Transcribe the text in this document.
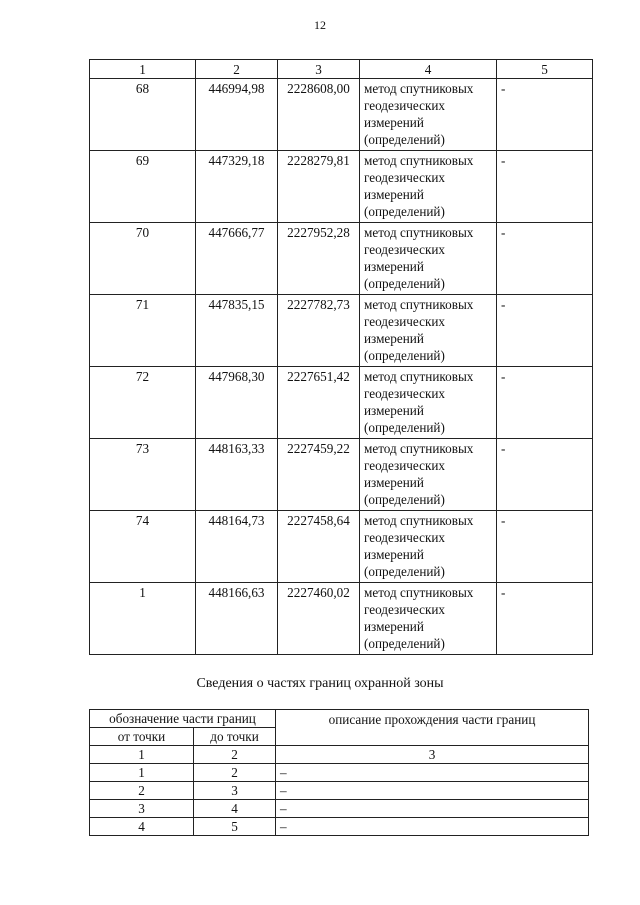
12
1	2	3	4	5
68	446994,98	2228608,00	метод спутниковых
геодезических
измерений
(определений)	-
69	447329,18	2228279,81	метод спутниковых
геодезических
измерений
(определений)	-
70	447666,77	2227952,28	метод спутниковых
геодезических
измерений
(определений)	-
71	447835,15	2227782,73	метод спутниковых
геодезических
измерений
(определений)	-
72	447968,30	2227651,42	метод спутниковых
геодезических
измерений
(определений)	-
73	448163,33	2227459,22	метод спутниковых
геодезических
измерений
(определений)	-
74	448164,73	2227458,64	метод спутниковых
геодезических
измерений
(определений)	-
1	448166,63	2227460,02	метод спутниковых
геодезических
измерений
(определений)	-
Сведения о частях границ охранной зоны
обозначение части границ		описание прохождения части границ
от точки	до точки	
1	2	3
1	2	–
2	3	–
3	4	–
4	5	–
